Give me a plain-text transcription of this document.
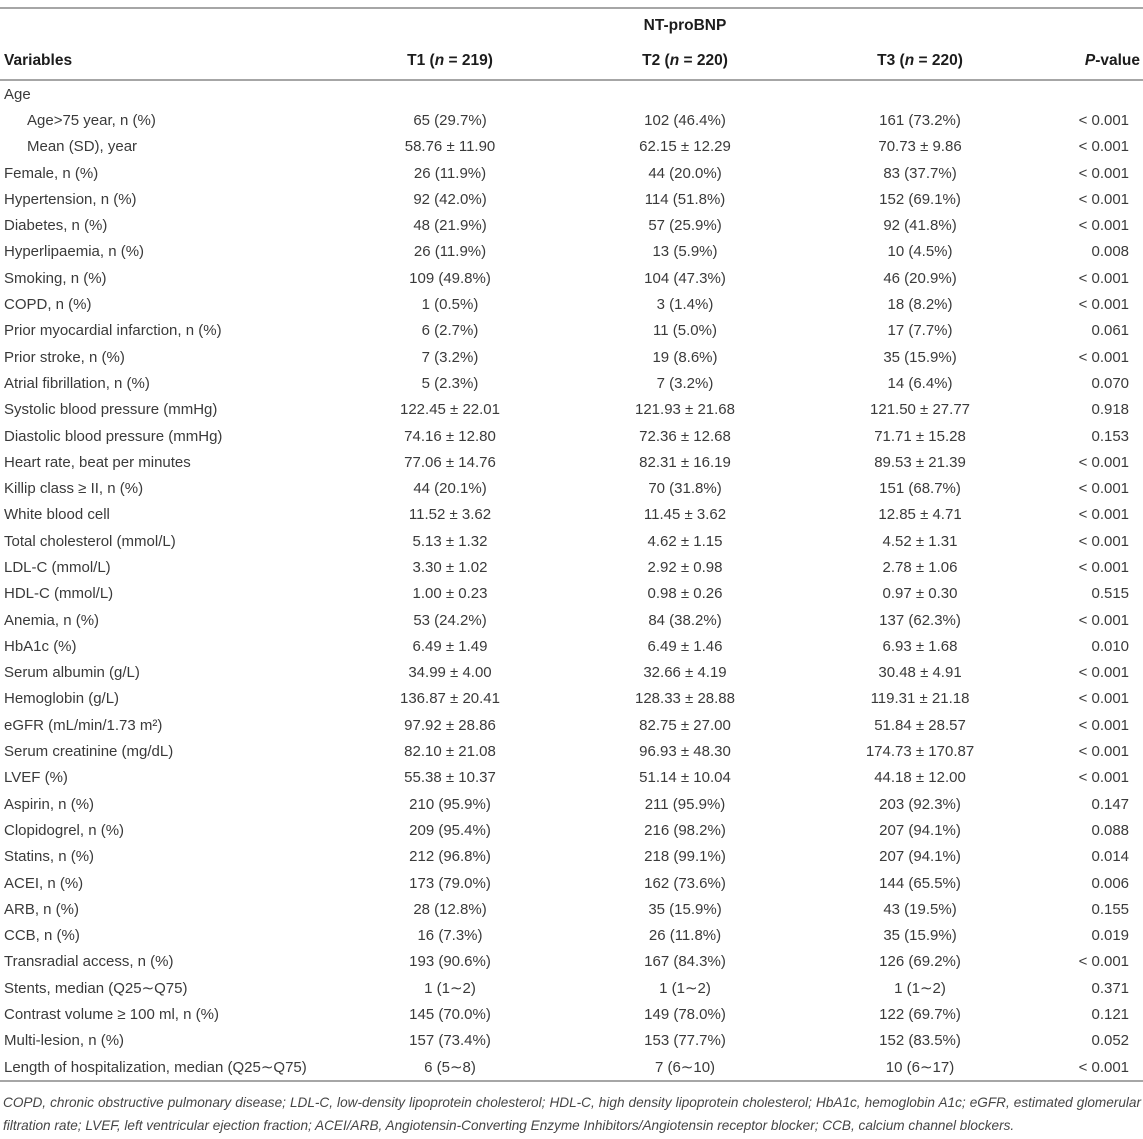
	NT-proBNP			
Variables	T1 (n = 219)	T2 (n = 220)	T3 (n = 220)	P-value
Age				
Age>75 year, n (%)	65 (29.7%)	102 (46.4%)	161 (73.2%)	< 0.001
Mean (SD), year	58.76 ± 11.90	62.15 ± 12.29	70.73 ± 9.86	< 0.001
Female, n (%)	26 (11.9%)	44 (20.0%)	83 (37.7%)	< 0.001
Hypertension, n (%)	92 (42.0%)	114 (51.8%)	152 (69.1%)	< 0.001
Diabetes, n (%)	48 (21.9%)	57 (25.9%)	92 (41.8%)	< 0.001
Hyperlipaemia, n (%)	26 (11.9%)	13 (5.9%)	10 (4.5%)	0.008
Smoking, n (%)	109 (49.8%)	104 (47.3%)	46 (20.9%)	< 0.001
COPD, n (%)	1 (0.5%)	3 (1.4%)	18 (8.2%)	< 0.001
Prior myocardial infarction, n (%)	6 (2.7%)	11 (5.0%)	17 (7.7%)	0.061
Prior stroke, n (%)	7 (3.2%)	19 (8.6%)	35 (15.9%)	< 0.001
Atrial fibrillation, n (%)	5 (2.3%)	7 (3.2%)	14 (6.4%)	0.070
Systolic blood pressure (mmHg)	122.45 ± 22.01	121.93 ± 21.68	121.50 ± 27.77	0.918
Diastolic blood pressure (mmHg)	74.16 ± 12.80	72.36 ± 12.68	71.71 ± 15.28	0.153
Heart rate, beat per minutes	77.06 ± 14.76	82.31 ± 16.19	89.53 ± 21.39	< 0.001
Killip class ≥ II, n (%)	44 (20.1%)	70 (31.8%)	151 (68.7%)	< 0.001
White blood cell	11.52 ± 3.62	11.45 ± 3.62	12.85 ± 4.71	< 0.001
Total cholesterol (mmol/L)	5.13 ± 1.32	4.62 ± 1.15	4.52 ± 1.31	< 0.001
LDL-C (mmol/L)	3.30 ± 1.02	2.92 ± 0.98	2.78 ± 1.06	< 0.001
HDL-C (mmol/L)	1.00 ± 0.23	0.98 ± 0.26	0.97 ± 0.30	0.515
Anemia, n (%)	53 (24.2%)	84 (38.2%)	137 (62.3%)	< 0.001
HbA1c (%)	6.49 ± 1.49	6.49 ± 1.46	6.93 ± 1.68	0.010
Serum albumin (g/L)	34.99 ± 4.00	32.66 ± 4.19	30.48 ± 4.91	< 0.001
Hemoglobin (g/L)	136.87 ± 20.41	128.33 ± 28.88	119.31 ± 21.18	< 0.001
eGFR (mL/min/1.73 m²)	97.92 ± 28.86	82.75 ± 27.00	51.84 ± 28.57	< 0.001
Serum creatinine (mg/dL)	82.10 ± 21.08	96.93 ± 48.30	174.73 ± 170.87	< 0.001
LVEF (%)	55.38 ± 10.37	51.14 ± 10.04	44.18 ± 12.00	< 0.001
Aspirin, n (%)	210 (95.9%)	211 (95.9%)	203 (92.3%)	0.147
Clopidogrel, n (%)	209 (95.4%)	216 (98.2%)	207 (94.1%)	0.088
Statins, n (%)	212 (96.8%)	218 (99.1%)	207 (94.1%)	0.014
ACEI, n (%)	173 (79.0%)	162 (73.6%)	144 (65.5%)	0.006
ARB, n (%)	28 (12.8%)	35 (15.9%)	43 (19.5%)	0.155
CCB, n (%)	16 (7.3%)	26 (11.8%)	35 (15.9%)	0.019
Transradial access, n (%)	193 (90.6%)	167 (84.3%)	126 (69.2%)	< 0.001
Stents, median (Q25∼Q75)	1 (1∼2)	1 (1∼2)	1 (1∼2)	0.371
Contrast volume ≥ 100 ml, n (%)	145 (70.0%)	149 (78.0%)	122 (69.7%)	0.121
Multi-lesion, n (%)	157 (73.4%)	153 (77.7%)	152 (83.5%)	0.052
Length of hospitalization, median (Q25∼Q75)	6 (5∼8)	7 (6∼10)	10 (6∼17)	< 0.001
COPD, chronic obstructive pulmonary disease; LDL-C, low-density lipoprotein cholesterol; HDL-C, high density lipoprotein cholesterol; HbA1c, hemoglobin A1c; eGFR, estimated glomerular filtration rate; LVEF, left ventricular ejection fraction; ACEI/ARB, Angiotensin-Converting Enzyme Inhibitors/Angiotensin receptor blocker; CCB, calcium channel blockers.
